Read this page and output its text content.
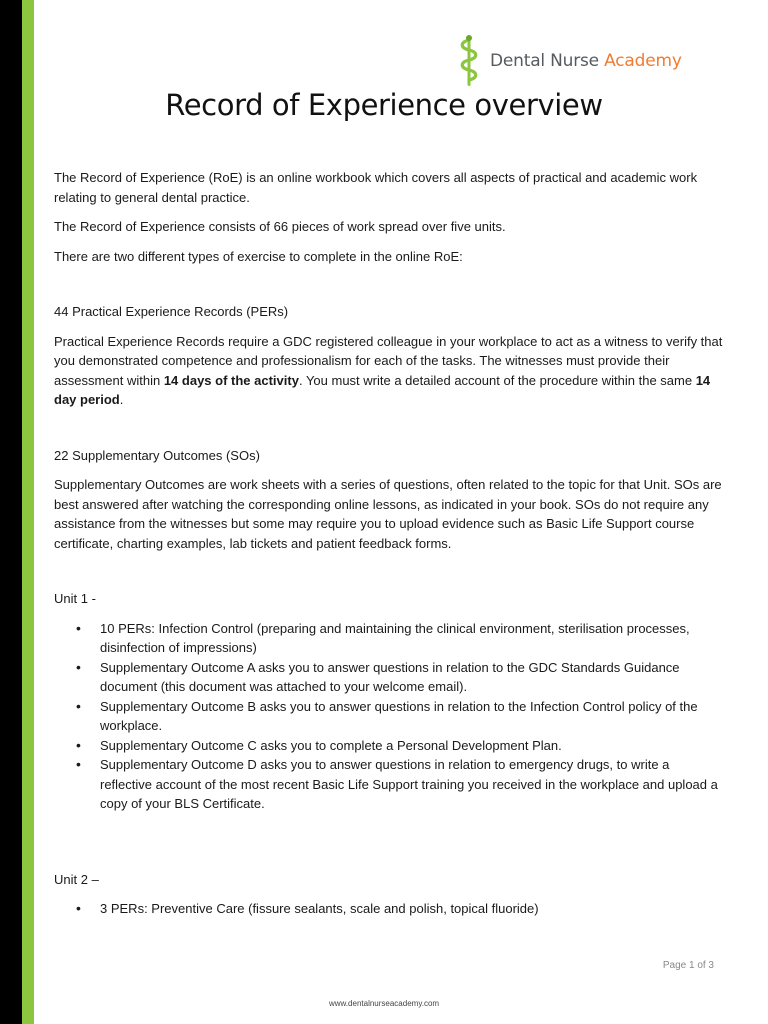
Dental Nurse Academy
Record of Experience overview

The Record of Experience (RoE) is an online workbook which covers all aspects of practical and academic work relating to general dental practice.

The Record of Experience consists of 66 pieces of work spread over five units.

There are two different types of exercise to complete in the online RoE:

44 Practical Experience Records (PERs)

Practical Experience Records require a GDC registered colleague in your workplace to act as a witness to verify that you demonstrated competence and professionalism for each of the tasks. The witnesses must provide their assessment within 14 days of the activity. You must write a detailed account of the procedure within the same 14 day period.

22 Supplementary Outcomes (SOs)

Supplementary Outcomes are work sheets with a series of questions, often related to the topic for that Unit. SOs are best answered after watching the corresponding online lessons, as indicated in your book. SOs do not require any assistance from the witnesses but some may require you to upload evidence such as Basic Life Support course certificate, charting examples, lab tickets and patient feedback forms.

Unit 1 -

• 10 PERs: Infection Control (preparing and maintaining the clinical environment, sterilisation processes, disinfection of impressions)
• Supplementary Outcome A asks you to answer questions in relation to the GDC Standards Guidance document (this document was attached to your welcome email).
• Supplementary Outcome B asks you to answer questions in relation to the Infection Control policy of the workplace.
• Supplementary Outcome C asks you to complete a Personal Development Plan.
• Supplementary Outcome D asks you to answer questions in relation to emergency drugs, to write a reflective account of the most recent Basic Life Support training you received in the workplace and upload a copy of your BLS Certificate.

Unit 2 –

• 3 PERs: Preventive Care (fissure sealants, scale and polish, topical fluoride)
Page 1 of 3
www.dentalnurseacademy.com
